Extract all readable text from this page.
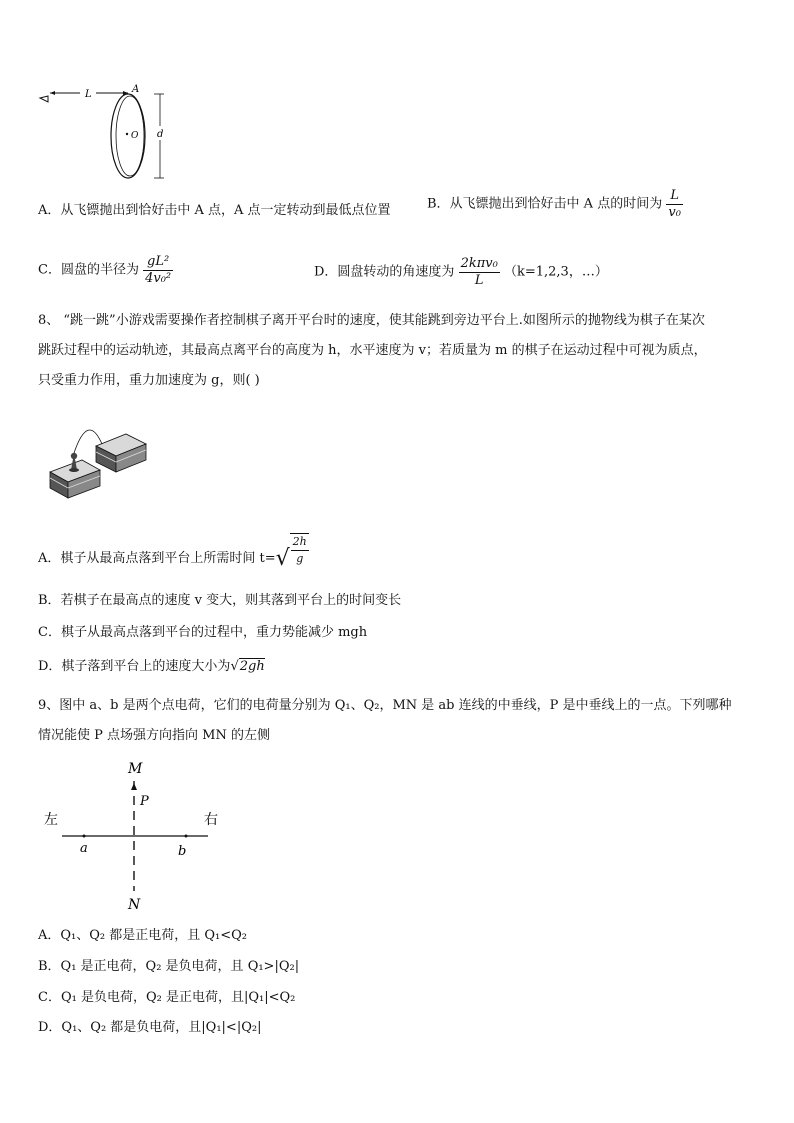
L	A
O d
A．从飞镖抛出到恰好击中 A 点，A 点一定转动到最低点位置	B．从飞镖抛出到恰好击中 A 点的时间为 $\frac{L}{\text{v₀}}$
C．圆盘的半径为 $\frac{\text{gL²}}{\text{4v₀²}}$	D．圆盘转动的角速度为 $\frac{\text{2kπv₀}}{L} (k=1,2,3$，…）
8、 “跳一跳”小游戏需要操作者控制棋子离开平台时的速度，使其能跳到旁边平台上.如图所示的抛物线为棋子在某次
跳跃过程中的运动轨迹，其最高点离平台的高度为 h，水平速度为 v；若质量为 m 的棋子在运动过程中可视为质点，
只受重力作用，重力加速度为 g，则( )
A．棋子从最高点落到平台上所需时间 $t=√ \frac{2h}{g}$
B．若棋子在最高点的速度 v 变大，则其落到平台上的时间变长
C．棋子从最高点落到平台的过程中，重力势能减少 mgh
D．棋子落到平台上的速度大小为√2gh
9、图中 a、b 是两个点电荷，它们的电荷量分别为 Q₁、Q₂，MN 是 ab 连线的中垂线，P 是中垂线上的一点。下列哪种
情况能使 P 点场强方向指向 MN 的左侧
M
P
左	右
a	b
N
A．Q₁、Q₂ 都是正电荷，且 Q₁<Q₂
B．Q₁ 是正电荷，Q₂ 是负电荷，且 Q₁>|Q₂|
C．Q₁ 是负电荷，Q₂ 是正电荷，且|Q₁|<Q₂
D．Q₁、Q₂ 都是负电荷，且|Q₁|<|Q₂|
